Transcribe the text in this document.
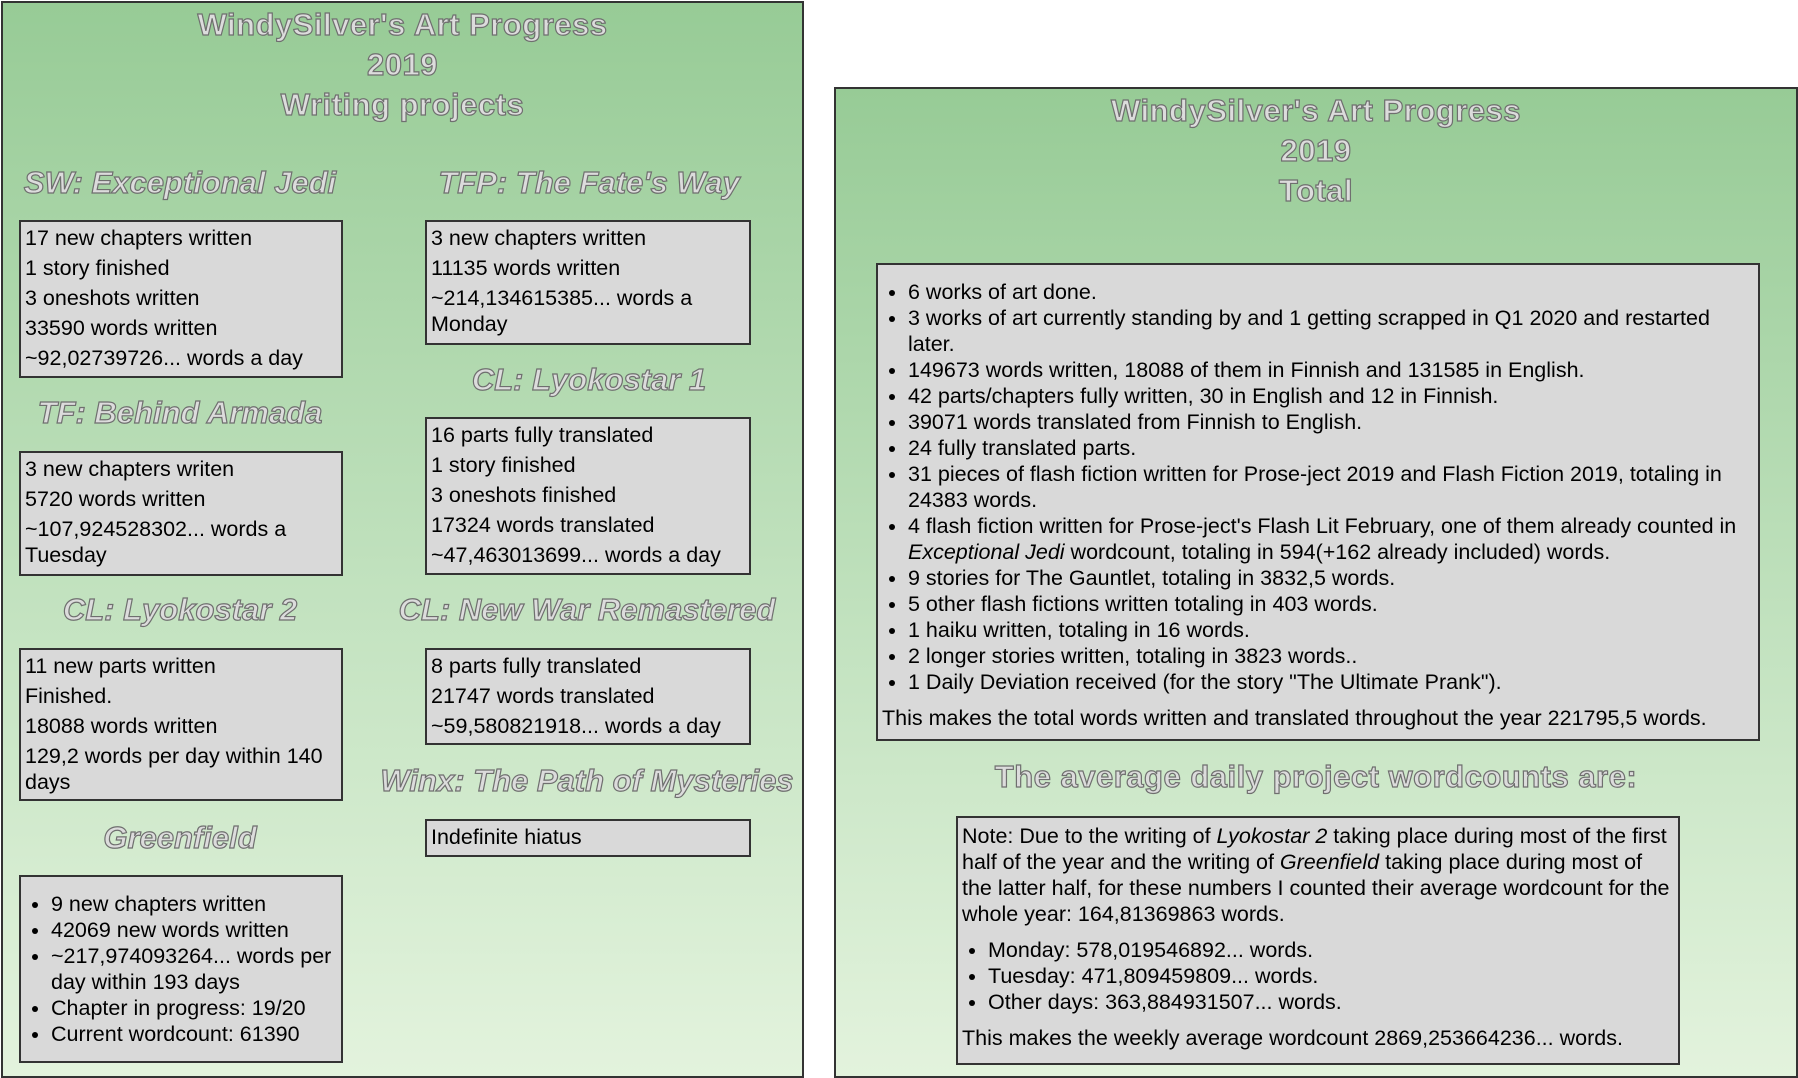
WindySilver's Art Progress
2019
Writing projects
SW: Exceptional Jedi
17 new chapters written
1 story finished
3 oneshots written
33590 words written
~92,02739726... words a day
TFP: The Fate's Way
3 new chapters written
11135 words written
~214,134615385... words a Monday
CL: Lyokostar 1
16 parts fully translated
1 story finished
3 oneshots finished
17324 words translated
~47,463013699... words a day
TF: Behind Armada
3 new chapters writen
5720 words written
~107,924528302... words a Tuesday
CL: Lyokostar 2
11 new parts written
Finished.
18088 words written
129,2 words per day within 140 days
CL: New War Remastered
8 parts fully translated
21747 words translated
~59,580821918... words a day
Winx: The Path of Mysteries
Indefinite hiatus
Greenfield
• 9 new chapters written
• 42069 new words written
• ~217,974093264... words per day within 193 days
• Chapter in progress: 19/20
• Current wordcount: 61390
WindySilver's Art Progress
2019
Total
• 6 works of art done.
• 3 works of art currently standing by and 1 getting scrapped in Q1 2020 and restarted later.
• 149673 words written, 18088 of them in Finnish and 131585 in English.
• 42 parts/chapters fully written, 30 in English and 12 in Finnish.
• 39071 words translated from Finnish to English.
• 24 fully translated parts.
• 31 pieces of flash fiction written for Prose-ject 2019 and Flash Fiction 2019, totaling in 24383 words.
• 4 flash fiction written for Prose-ject's Flash Lit February, one of them already counted in Exceptional Jedi wordcount, totaling in 594(+162 already included) words.
• 9 stories for The Gauntlet, totaling in 3832,5 words.
• 5 other flash fictions written totaling in 403 words.
• 1 haiku written, totaling in 16 words.
• 2 longer stories written, totaling in 3823 words..
• 1 Daily Deviation received (for the story "The Ultimate Prank").

This makes the total words written and translated throughout the year 221795,5 words.

The average daily project wordcounts are:

Note: Due to the writing of Lyokostar 2 taking place during most of the first half of the year and the writing of Greenfield taking place during most of the latter half, for these numbers I counted their average wordcount for the whole year: 164,81369863 words.

• Monday: 578,019546892... words.
• Tuesday: 471,809459809... words.
• Other days: 363,884931507... words.

This makes the weekly average wordcount 2869,253664236... words.
